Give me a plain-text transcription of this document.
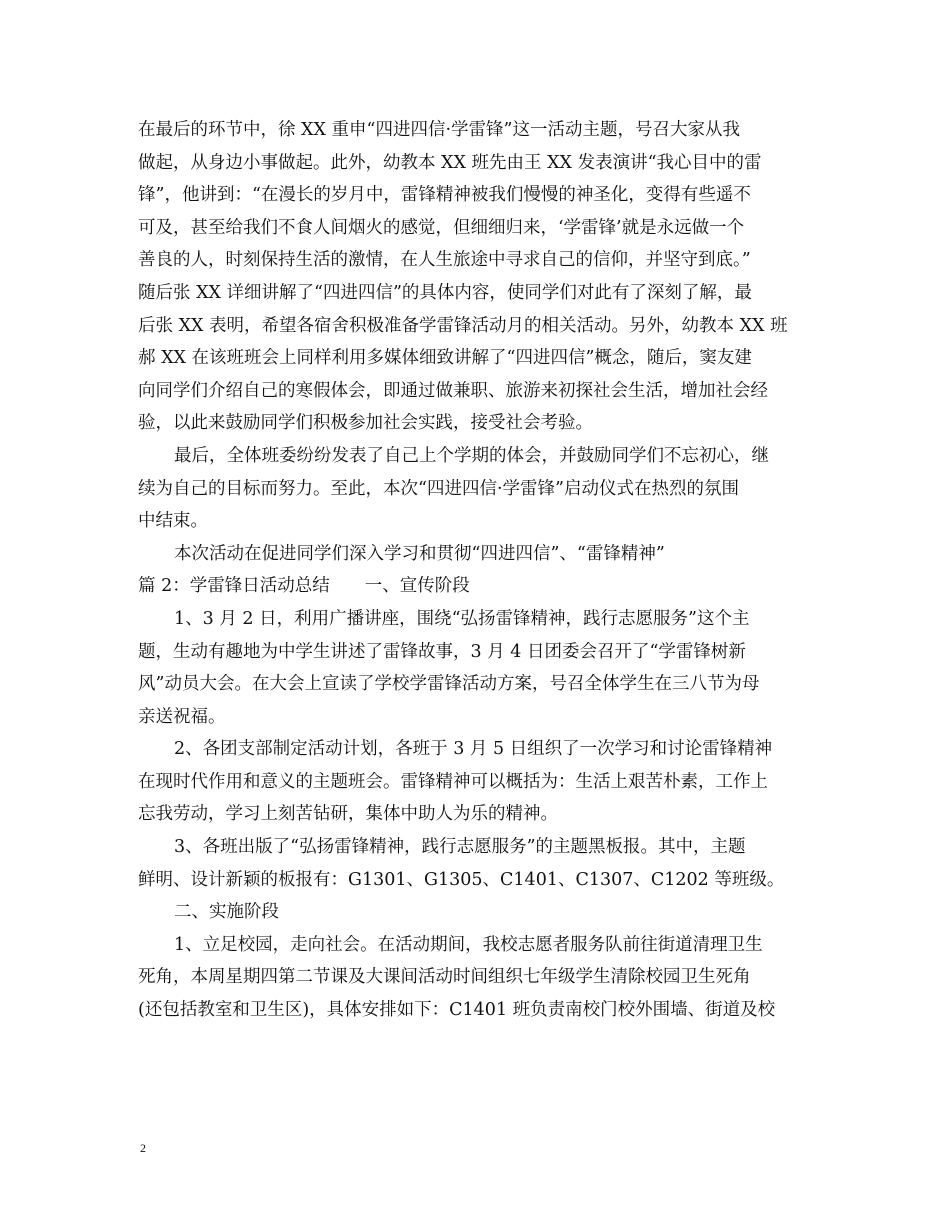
在最后的环节中，徐 XX 重申“四进四信·学雷锋”这一活动主题，号召大家从我
做起，从身边小事做起。此外，幼教本 XX 班先由王 XX 发表演讲“我心目中的雷
锋”，他讲到：“在漫长的岁月中，雷锋精神被我们慢慢的神圣化，变得有些遥不
可及，甚至给我们不食人间烟火的感觉，但细细归来，‘学雷锋’就是永远做一个
善良的人，时刻保持生活的激情，在人生旅途中寻求自己的信仰，并坚守到底。”
随后张 XX 详细讲解了“四进四信”的具体内容，使同学们对此有了深刻了解，最
后张 XX 表明，希望各宿舍积极准备学雷锋活动月的相关活动。另外，幼教本 XX 班
郝 XX 在该班班会上同样利用多媒体细致讲解了“四进四信”概念，随后，窦友建
向同学们介绍自己的寒假体会，即通过做兼职、旅游来初探社会生活，增加社会经
验，以此来鼓励同学们积极参加社会实践，接受社会考验。
最后，全体班委纷纷发表了自己上个学期的体会，并鼓励同学们不忘初心，继
续为自己的目标而努力。至此，本次“四进四信·学雷锋”启动仪式在热烈的氛围
中结束。
本次活动在促进同学们深入学习和贯彻“四进四信”、“雷锋精神”
篇 2：学雷锋日活动总结　　一、宣传阶段
1、3 月 2 日，利用广播讲座，围绕“弘扬雷锋精神，践行志愿服务”这个主
题，生动有趣地为中学生讲述了雷锋故事，3 月 4 日团委会召开了“学雷锋树新
风”动员大会。在大会上宣读了学校学雷锋活动方案，号召全体学生在三八节为母
亲送祝福。
2、各团支部制定活动计划，各班于 3 月 5 日组织了一次学习和讨论雷锋精神
在现时代作用和意义的主题班会。雷锋精神可以概括为：生活上艰苦朴素，工作上
忘我劳动，学习上刻苦钻研，集体中助人为乐的精神。
3、各班出版了“弘扬雷锋精神，践行志愿服务”的主题黑板报。其中，主题
鲜明、设计新颖的板报有：G1301、G1305、C1401、C1307、C1202 等班级。
二、实施阶段
1、立足校园，走向社会。在活动期间，我校志愿者服务队前往街道清理卫生
死角，本周星期四第二节课及大课间活动时间组织七年级学生清除校园卫生死角
(还包括教室和卫生区)，具体安排如下：C1401 班负责南校门校外围墙、街道及校
2
